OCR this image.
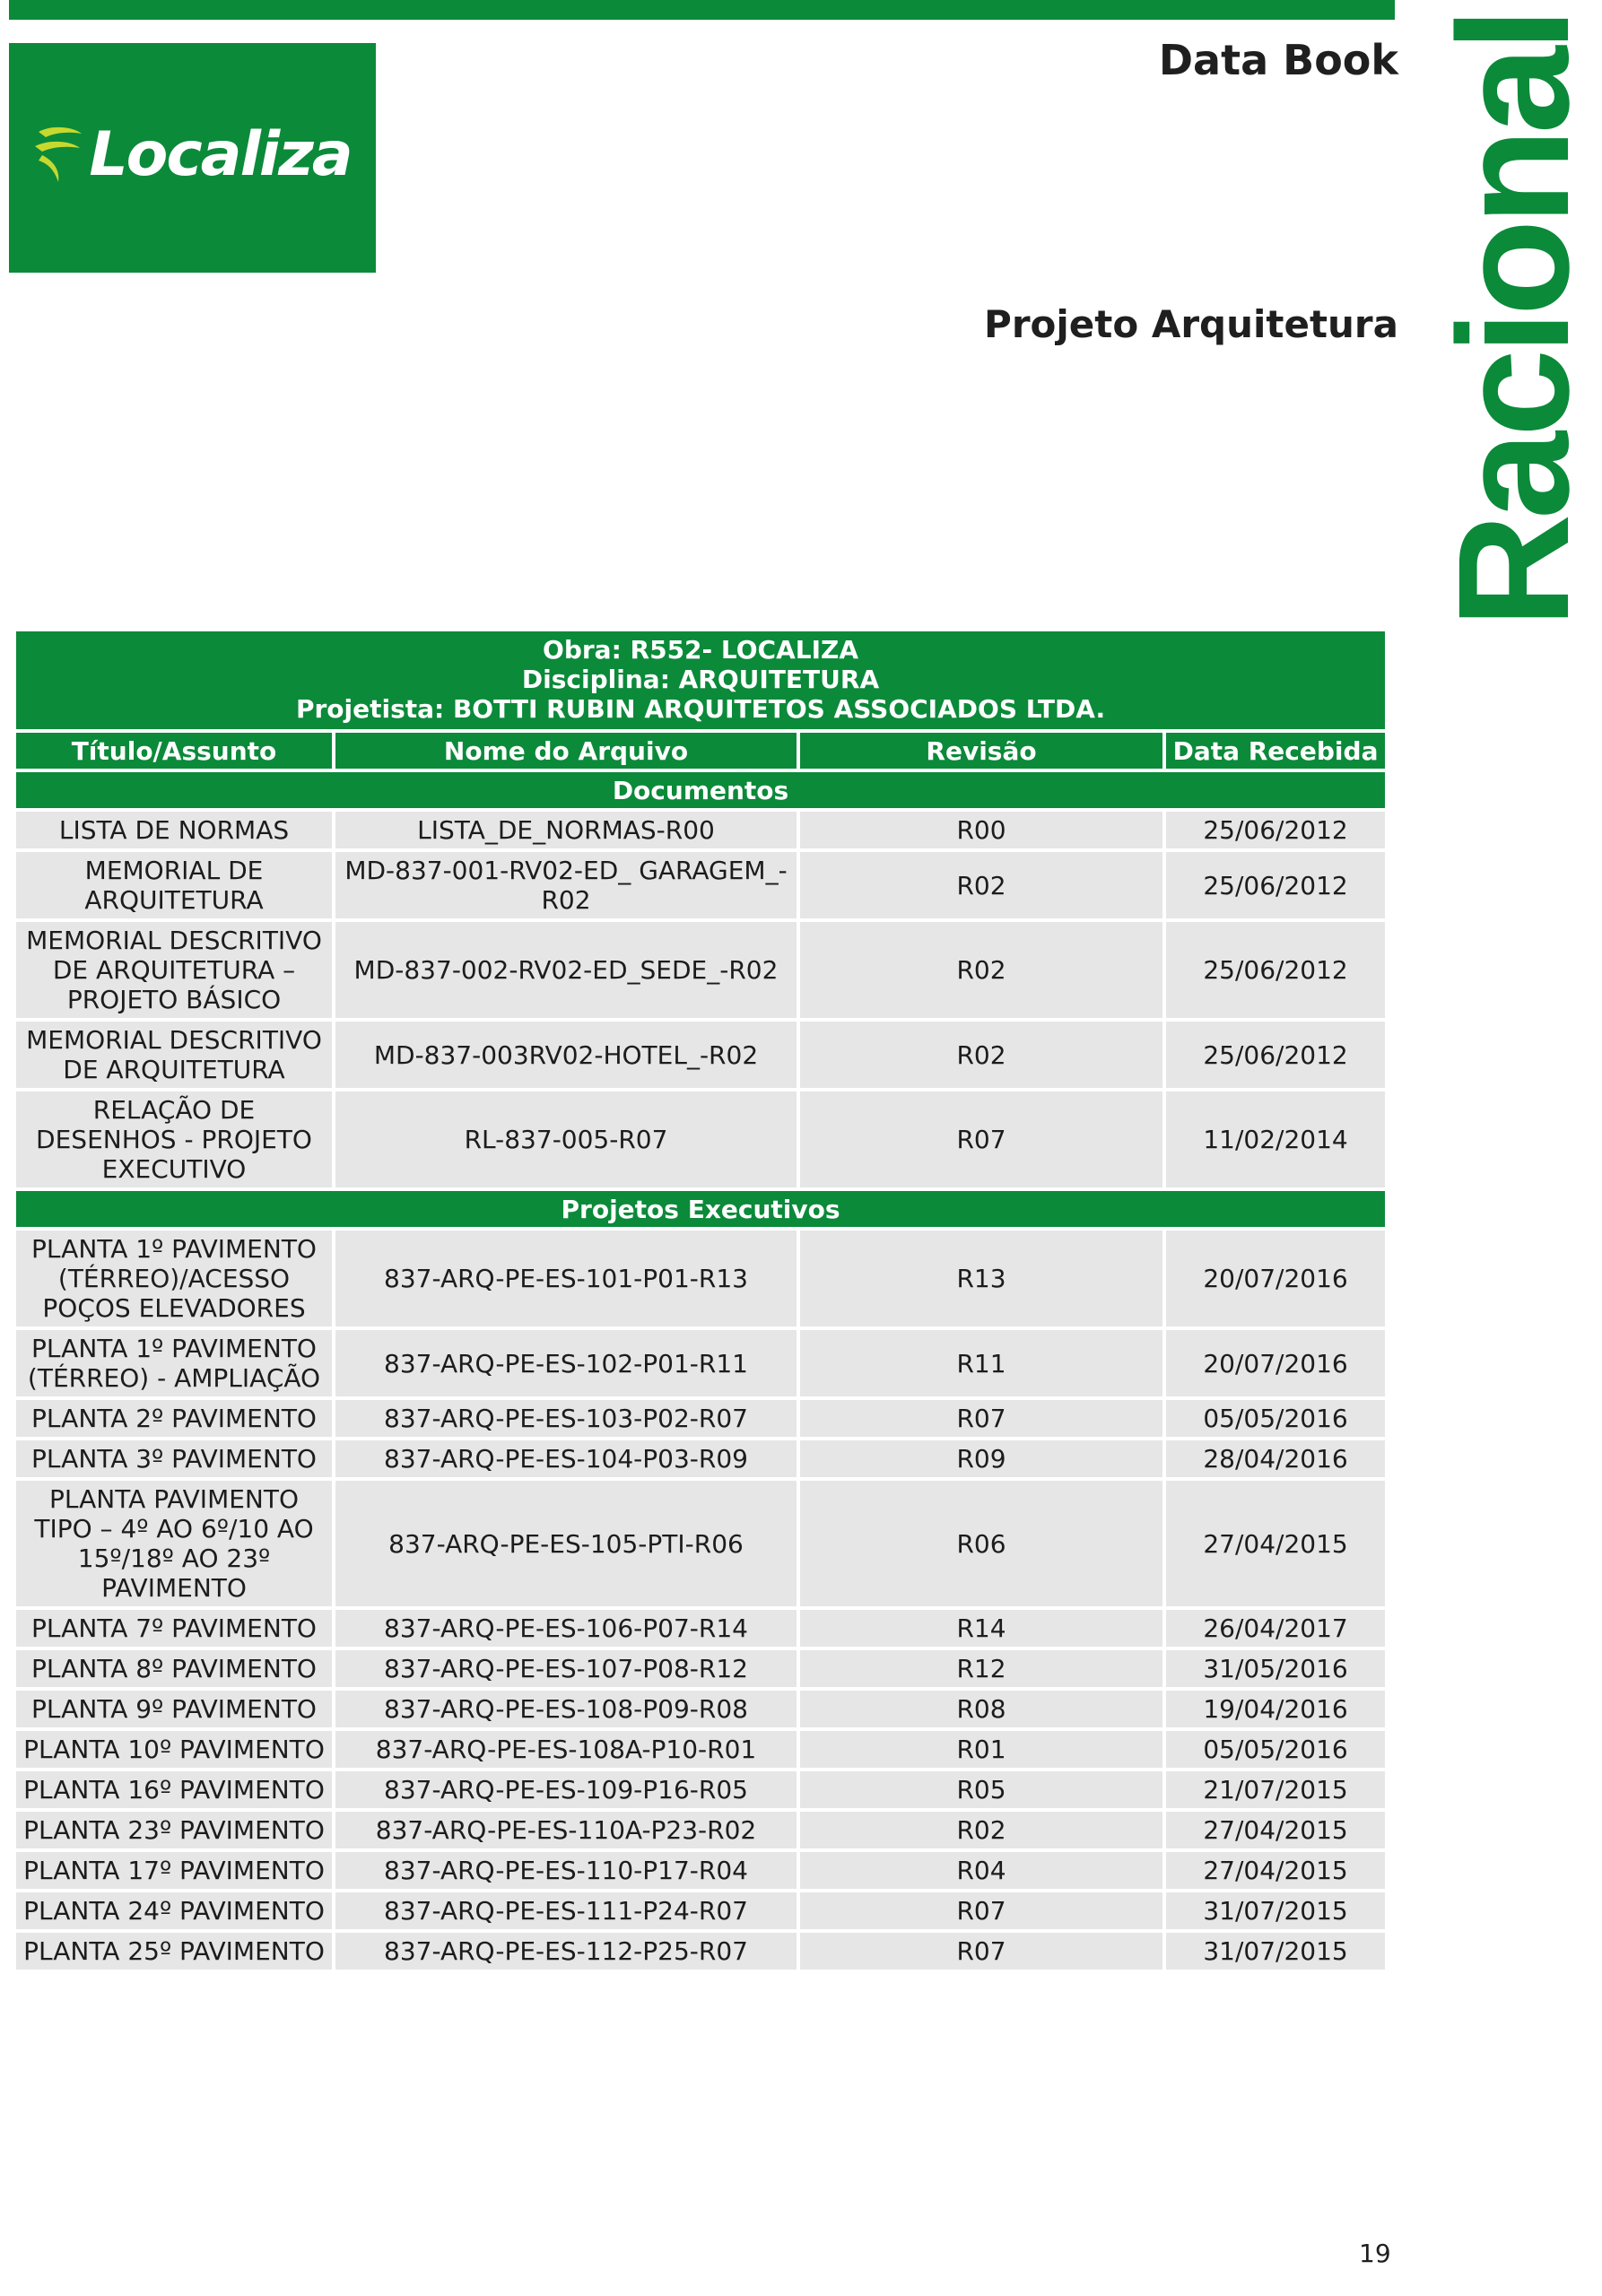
Localiza
Data Book
Projeto Arquitetura Racional
Obra: R552- LOCALIZA
Disciplina: ARQUITETURA
Projetista: BOTTI RUBIN ARQUITETOS ASSOCIADOS LTDA.			

Título/Assunto	Nome do Arquivo	Revisão	Data Recebida
Documentos			
LISTA DE NORMAS	LISTA_DE_NORMAS-R00	R00	25/06/2012
MEMORIAL DE ARQUITETURA	MD-837-001-RV02-ED_ GARAGEM_-R02	R02	25/06/2012
MEMORIAL DESCRITIVO DE ARQUITETURA – PROJETO BÁSICO	MD-837-002-RV02-ED_SEDE_-R02	R02	25/06/2012
MEMORIAL DESCRITIVO DE ARQUITETURA	MD-837-003RV02-HOTEL_-R02	R02	25/06/2012
RELAÇÃO DE DESENHOS - PROJETO EXECUTIVO	RL-837-005-R07	R07	11/02/2014
Projetos Executivos			
PLANTA 1º PAVIMENTO (TÉRREO)/ACESSO POÇOS ELEVADORES	837-ARQ-PE-ES-101-P01-R13	R13	20/07/2016
PLANTA 1º PAVIMENTO (TÉRREO) - AMPLIAÇÃO	837-ARQ-PE-ES-102-P01-R11	R11	20/07/2016
PLANTA 2º PAVIMENTO	837-ARQ-PE-ES-103-P02-R07	R07	05/05/2016
PLANTA 3º PAVIMENTO	837-ARQ-PE-ES-104-P03-R09	R09	28/04/2016
PLANTA PAVIMENTO TIPO – 4º AO 6º/10 AO 15º/18º AO 23º PAVIMENTO	837-ARQ-PE-ES-105-PTI-R06	R06	27/04/2015
PLANTA 7º PAVIMENTO	837-ARQ-PE-ES-106-P07-R14	R14	26/04/2017
PLANTA 8º PAVIMENTO	837-ARQ-PE-ES-107-P08-R12	R12	31/05/2016
PLANTA 9º PAVIMENTO	837-ARQ-PE-ES-108-P09-R08	R08	19/04/2016
PLANTA 10º PAVIMENTO	837-ARQ-PE-ES-108A-P10-R01	R01	05/05/2016
PLANTA 16º PAVIMENTO	837-ARQ-PE-ES-109-P16-R05	R05	21/07/2015
PLANTA 23º PAVIMENTO	837-ARQ-PE-ES-110A-P23-R02	R02	27/04/2015
PLANTA 17º PAVIMENTO	837-ARQ-PE-ES-110-P17-R04	R04	27/04/2015
PLANTA 24º PAVIMENTO	837-ARQ-PE-ES-111-P24-R07	R07	31/07/2015
PLANTA 25º PAVIMENTO	837-ARQ-PE-ES-112-P25-R07	R07	31/07/2015
19
